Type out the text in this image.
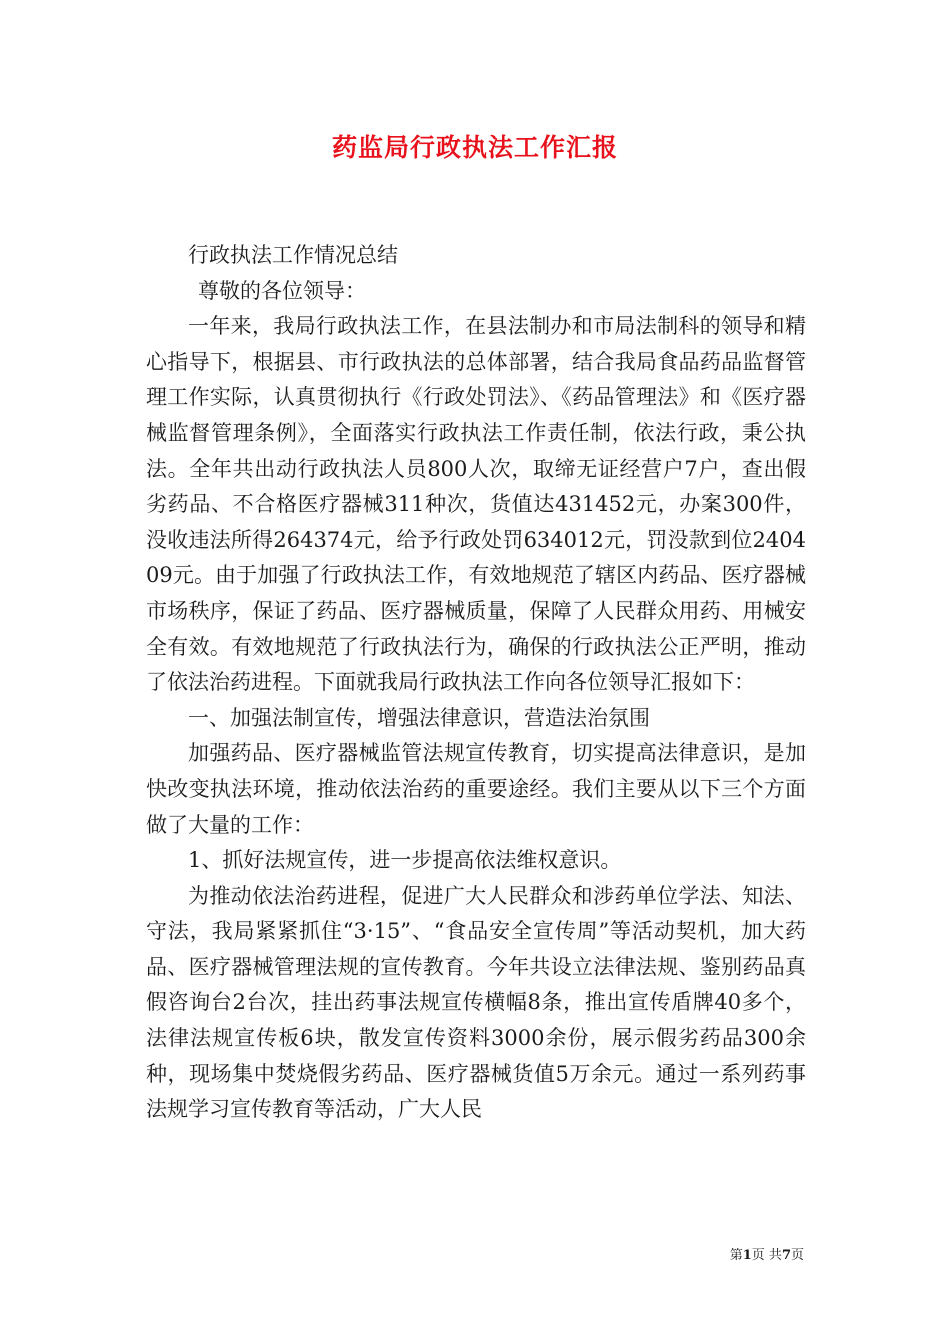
药监局行政执法工作汇报

行政执法工作情况总结

尊敬的各位领导：

一年来，我局行政执法工作，在县法制办和市局法制科的领导和精心指导下，根据县、市行政执法的总体部署，结合我局食品药品监督管理工作实际，认真贯彻执行《行政处罚法》、《药品管理法》和《医疗器械监督管理条例》，全面落实行政执法工作责任制，依法行政，秉公执法。全年共出动行政执法人员800人次，取缔无证经营户7户，查出假劣药品、不合格医疗器械311种次，货值达431452元，办案300件，没收违法所得264374元，给予行政处罚634012元，罚没款到位240409元。由于加强了行政执法工作，有效地规范了辖区内药品、医疗器械市场秩序，保证了药品、医疗器械质量，保障了人民群众用药、用械安全有效。有效地规范了行政执法行为，确保的行政执法公正严明，推动了依法治药进程。下面就我局行政执法工作向各位领导汇报如下：

一、加强法制宣传，增强法律意识，营造法治氛围

加强药品、医疗器械监管法规宣传教育，切实提高法律意识，是加快改变执法环境，推动依法治药的重要途经。我们主要从以下三个方面做了大量的工作：

1、抓好法规宣传，进一步提高依法维权意识。

为推动依法治药进程，促进广大人民群众和涉药单位学法、知法、守法，我局紧紧抓住“3·15”、“食品安全宣传周”等活动契机，加大药品、医疗器械管理法规的宣传教育。今年共设立法律法规、鉴别药品真假咨询台2台次，挂出药事法规宣传横幅8条，推出宣传盾牌40多个，法律法规宣传板6块，散发宣传资料3000余份，展示假劣药品300余种，现场集中焚烧假劣药品、医疗器械货值5万余元。通过一系列药事法规学习宣传教育等活动，广大人民

第1页 共7页
